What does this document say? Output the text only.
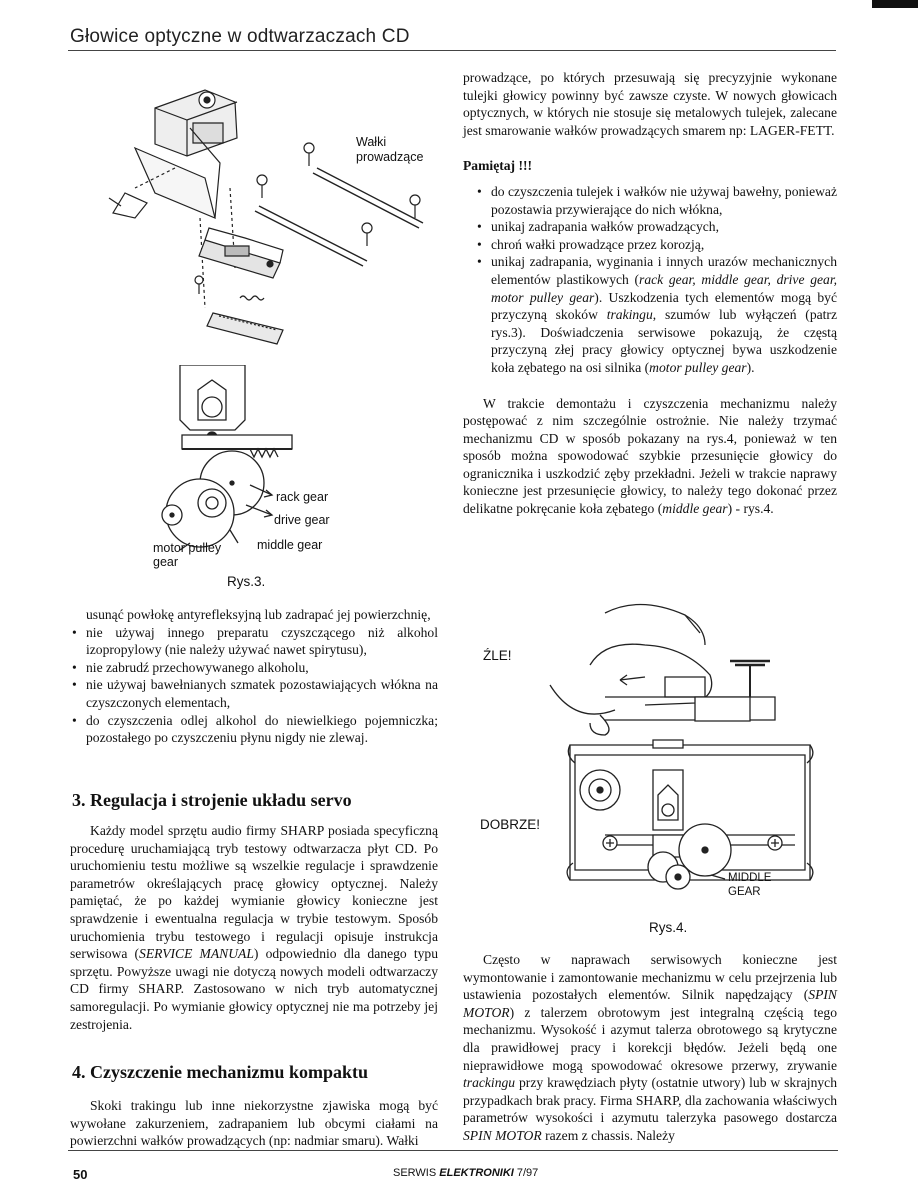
Głowice optyczne w odtwarzaczach CD
Wałki
prowadzące
rack gear
drive gear
motor pulley
gear
middle gear
Rys.3.

usunąć powłokę antyrefleksyjną lub zadrapać jej powierzchnię,

• nie używaj innego preparatu czyszczącego niż alkohol izopropylowy (nie należy używać nawet spirytusu),
• nie zabrudź przechowywanego alkoholu,
• nie używaj bawełnianych szmatek pozostawiających włókna na czyszczonych elementach,
• do czyszczenia odlej alkohol do niewielkiego pojemniczka; pozostałego po czyszczeniu płynu nigdy nie zlewaj.
3. Regulacja i strojenie układu servo

Każdy model sprzętu audio firmy SHARP posiada specyficzną procedurę uruchamiającą tryb testowy odtwarzacza płyt CD. Po uruchomieniu testu możliwe są wszelkie regulacje i sprawdzenie parametrów określających pracę głowicy optycznej. Należy pamiętać, że po każdej wymianie głowicy konieczne jest sprawdzenie i ewentualna regulacja w trybie testowym. Sposób uruchomienia trybu testowego i regulacji opisuje instrukcja serwisowa (SERVICE MANUAL) odpowiednio dla danego typu sprzętu. Powyższe uwagi nie dotyczą nowych modeli odtwarzaczy CD firmy SHARP. Zastosowano w nich tryb automatycznej samoregulacji. Po wymianie głowicy optycznej nie ma potrzeby jej zestrojenia.

4. Czyszczenie mechanizmu kompaktu

Skoki trakingu lub inne niekorzystne zjawiska mogą być wywołane zakurzeniem, zadrapaniem lub obcymi ciałami na powierzchni wałków prowadzących (np: nadmiar smaru). Wałki

prowadzące, po których przesuwają się precyzyjnie wykonane tulejki głowicy powinny być zawsze czyste. W nowych głowicach optycznych, w których nie stosuje się metalowych tulejek, zalecane jest smarowanie wałków prowadzących smarem np: LAGER-FETT.

Pamiętaj !!!

• do czyszczenia tulejek i wałków nie używaj bawełny, ponieważ pozostawia przywierające do nich włókna,
• unikaj zadrapania wałków prowadzących,
• chroń wałki prowadzące przez korozją,
• unikaj zadrapania, wyginania i innych urazów mechanicznych elementów plastikowych (rack gear, middle gear, drive gear, motor pulley gear). Uszkodzenia tych elementów mogą być przyczyną skoków trakingu, szumów lub wyłączeń (patrz rys.3). Doświadczenia serwisowe pokazują, że częstą przyczyną złej pracy głowicy optycznej bywa uszkodzenie koła zębatego na osi silnika (motor pulley gear).

W trakcie demontażu i czyszczenia mechanizmu należy postępować z nim szczególnie ostrożnie. Nie należy trzymać mechanizmu CD w sposób pokazany na rys.4, ponieważ w ten sposób można spowodować szybkie przesunięcie głowicy do ogranicznika i uszkodzić zęby przekładni. Jeżeli w trakcie naprawy konieczne jest przesunięcie głowicy, to należy tego dokonać przez delikatne pokręcanie koła zębatego (middle gear) - rys.4.

ŹLE!
DOBRZE!
MIDDLE
GEAR
Rys.4.

Często w naprawach serwisowych konieczne jest wymontowanie i zamontowanie mechanizmu w celu przejrzenia lub ustawienia pozostałych elementów. Silnik napędzający (SPIN MOTOR) z talerzem obrotowym jest integralną częścią tego mechanizmu. Wysokość i azymut talerza obrotowego są krytyczne dla prawidłowej pracy i korekcji błędów. Jeżeli będą one nieprawidłowe mogą spowodować okresowe przerwy, zrywanie trackingu przy krawędziach płyty (ostatnie utwory) lub w skrajnych przypadkach brak pracy. Firma SHARP, dla zachowania właściwych parametrów wysokości i azymutu talerzyka pasowego dostarcza SPIN MOTOR razem z chassis. Należy

50	SERWIS ELEKTRONIKI 7/97
